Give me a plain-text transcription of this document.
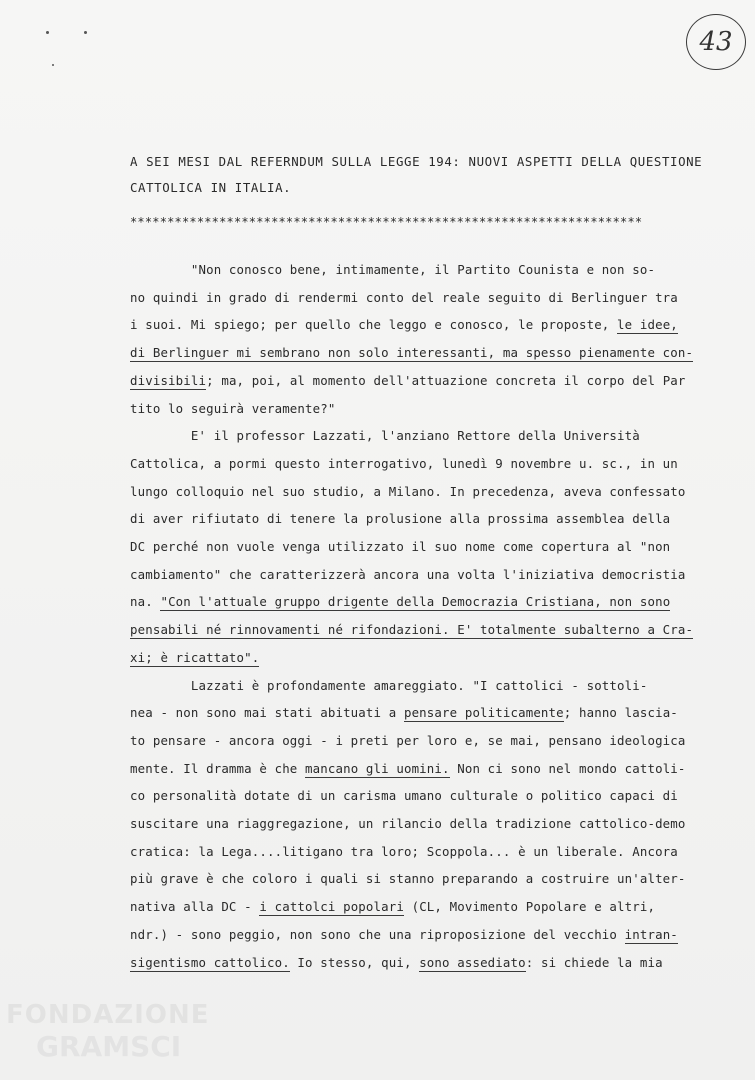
43
A SEI MESI DAL REFERNDUM SULLA LEGGE 194: NUOVI ASPETTI DELLA QUESTIONE
CATTOLICA IN ITALIA.
*********************************************************************
"Non conosco bene, intimamente, il Partito Counista e non so-
no quindi in grado di rendermi conto del reale seguito di Berlinguer tra
i suoi. Mi spiego; per quello che leggo e conosco, le proposte, le idee,
di Berlinguer mi sembrano non solo interessanti, ma spesso pienamente con-
divisibili; ma, poi, al momento dell'attuazione concreta il corpo del Par
tito lo seguirà veramente?"
E' il professor Lazzati, l'anziano Rettore della Università
Cattolica, a pormi questo interrogativo, lunedì 9 novembre u. sc., in un
lungo colloquio nel suo studio, a Milano. In precedenza, aveva confessato
di aver rifiutato di tenere la prolusione alla prossima assemblea della
DC perché non vuole venga utilizzato il suo nome come copertura al "non
cambiamento" che caratterizzerà ancora una volta l'iniziativa democristia
na. "Con l'attuale gruppo drigente della Democrazia Cristiana, non sono
pensabili né rinnovamenti né rifondazioni. E' totalmente subalterno a Cra-
xi; è ricattato".
Lazzati è profondamente amareggiato. "I cattolici - sottoli-
nea - non sono mai stati abituati a pensare politicamente; hanno lascia-
to pensare - ancora oggi - i preti per loro e, se mai, pensano ideologica
mente. Il dramma è che mancano gli uomini. Non ci sono nel mondo cattoli-
co personalità dotate di un carisma umano culturale o politico capaci di
suscitare una riaggregazione, un rilancio della tradizione cattolico-demo
cratica: la Lega....litigano tra loro; Scoppola... è un liberale. Ancora
più grave è che coloro i quali si stanno preparando a costruire un'alter-
nativa alla DC - i cattolci popolari (CL, Movimento Popolare e altri,
ndr.) - sono peggio, non sono che una riproposizione del vecchio intran-
sigentismo cattolico. Io stesso, qui, sono assediato: si chiede la mia
FONDAZIONE
GRAMSCI
